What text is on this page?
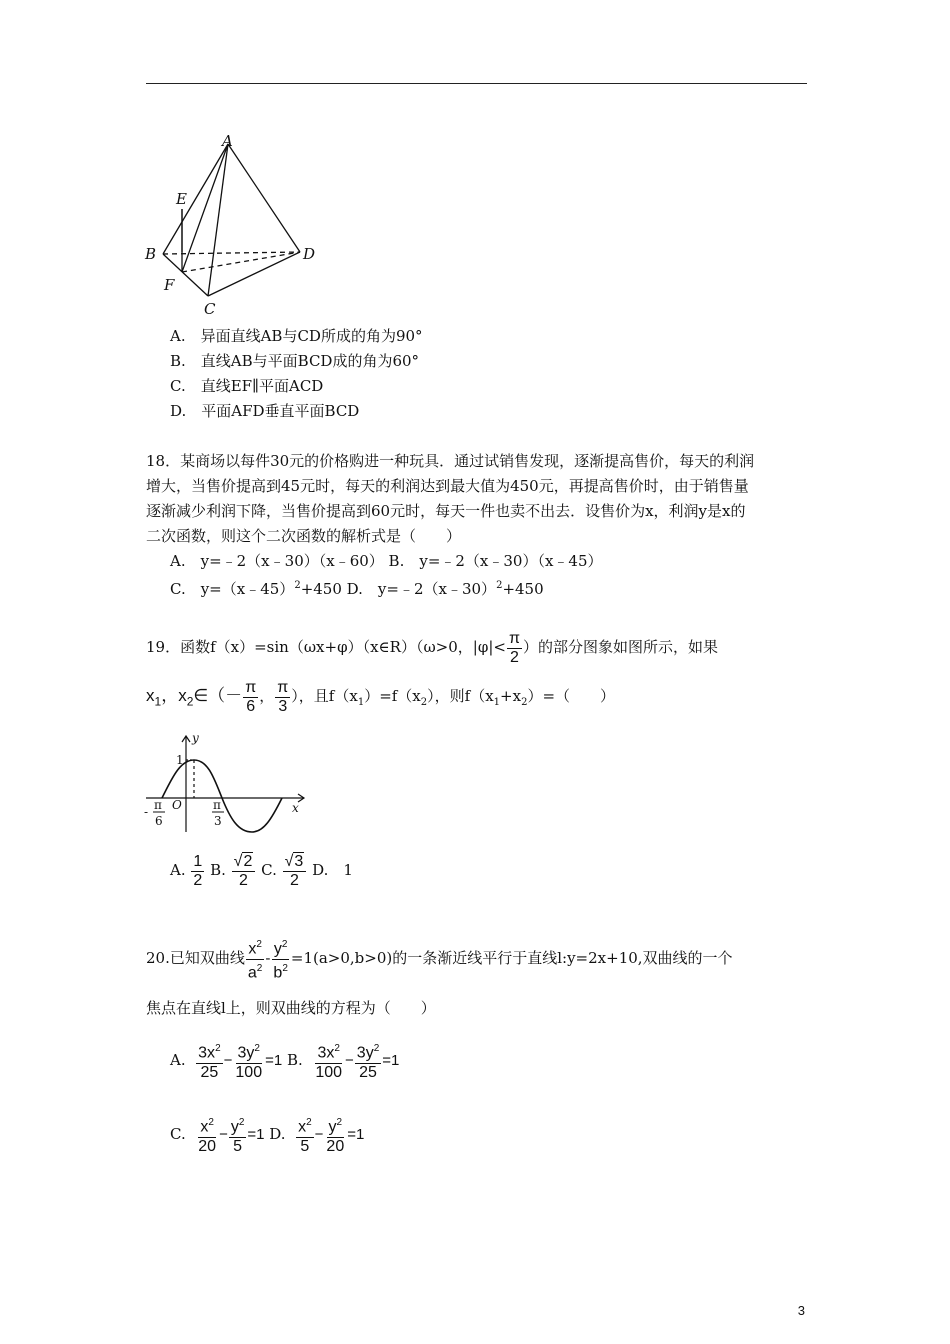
A
E
B	D
F
C
A.　异面直线AB与CD所成的角为90°
B.　直线AB与平面BCD成的角为60°
C.　直线EF∥平面ACD
D.　平面AFD垂直平面BCD
18．某商场以每件30元的价格购进一种玩具．通过试销售发现，逐渐提高售价，每天的利润
增大，当售价提高到45元时，每天的利润达到最大值为450元，再提高售价时，由于销售量
逐渐减少利润下降，当售价提高到60元时，每天一件也卖不出去．设售价为x，利润y是x的
二次函数，则这个二次函数的解析式是（　　）
A.　y=﹣2（x﹣30）（x﹣60） B.　y=﹣2（x﹣30）（x﹣45）
C.　y=（x﹣45）$^2$+450 D.　y=﹣2（x﹣30）$^2$+450
19．函数f（x）=sin（ωx+φ）（x∈R）（ω>0，$|\varphi|< \frac{\pi}{2}$ ）的部分图象如图所示，如果
$x_1$，$x_2\in(- \frac{\pi}{6}$ ， $\frac{\pi}{3}$ ），且$f(x_1)=f(x_2)$，则$f(x_1+x_2)=$（　　）
y
x
O
1
- π
6
π
3
A. $\frac{1}{2} B$. $\frac{√2}{2} C$. $\frac{√3}{2} D$.　1
20.已知双曲线 $\frac{x^2}{a^2} - \frac{y^2}{b^2} =1(a>0,b>0)$的一条渐近线平行于直线l:y=2x+10,双曲线的一个
焦点在直线l上，则双曲线的方程为（　　）
A. $\frac{3x^2}{25} - \frac{3y^2}{100} =1$ B. $\frac{3x^2}{100} - \frac{3y^2}{25} =1$
C. $\frac{x^2}{20} - \frac{y^2}{5} =1$ D. $\frac{x^2}{5} - \frac{y^2}{20} =1$
3
